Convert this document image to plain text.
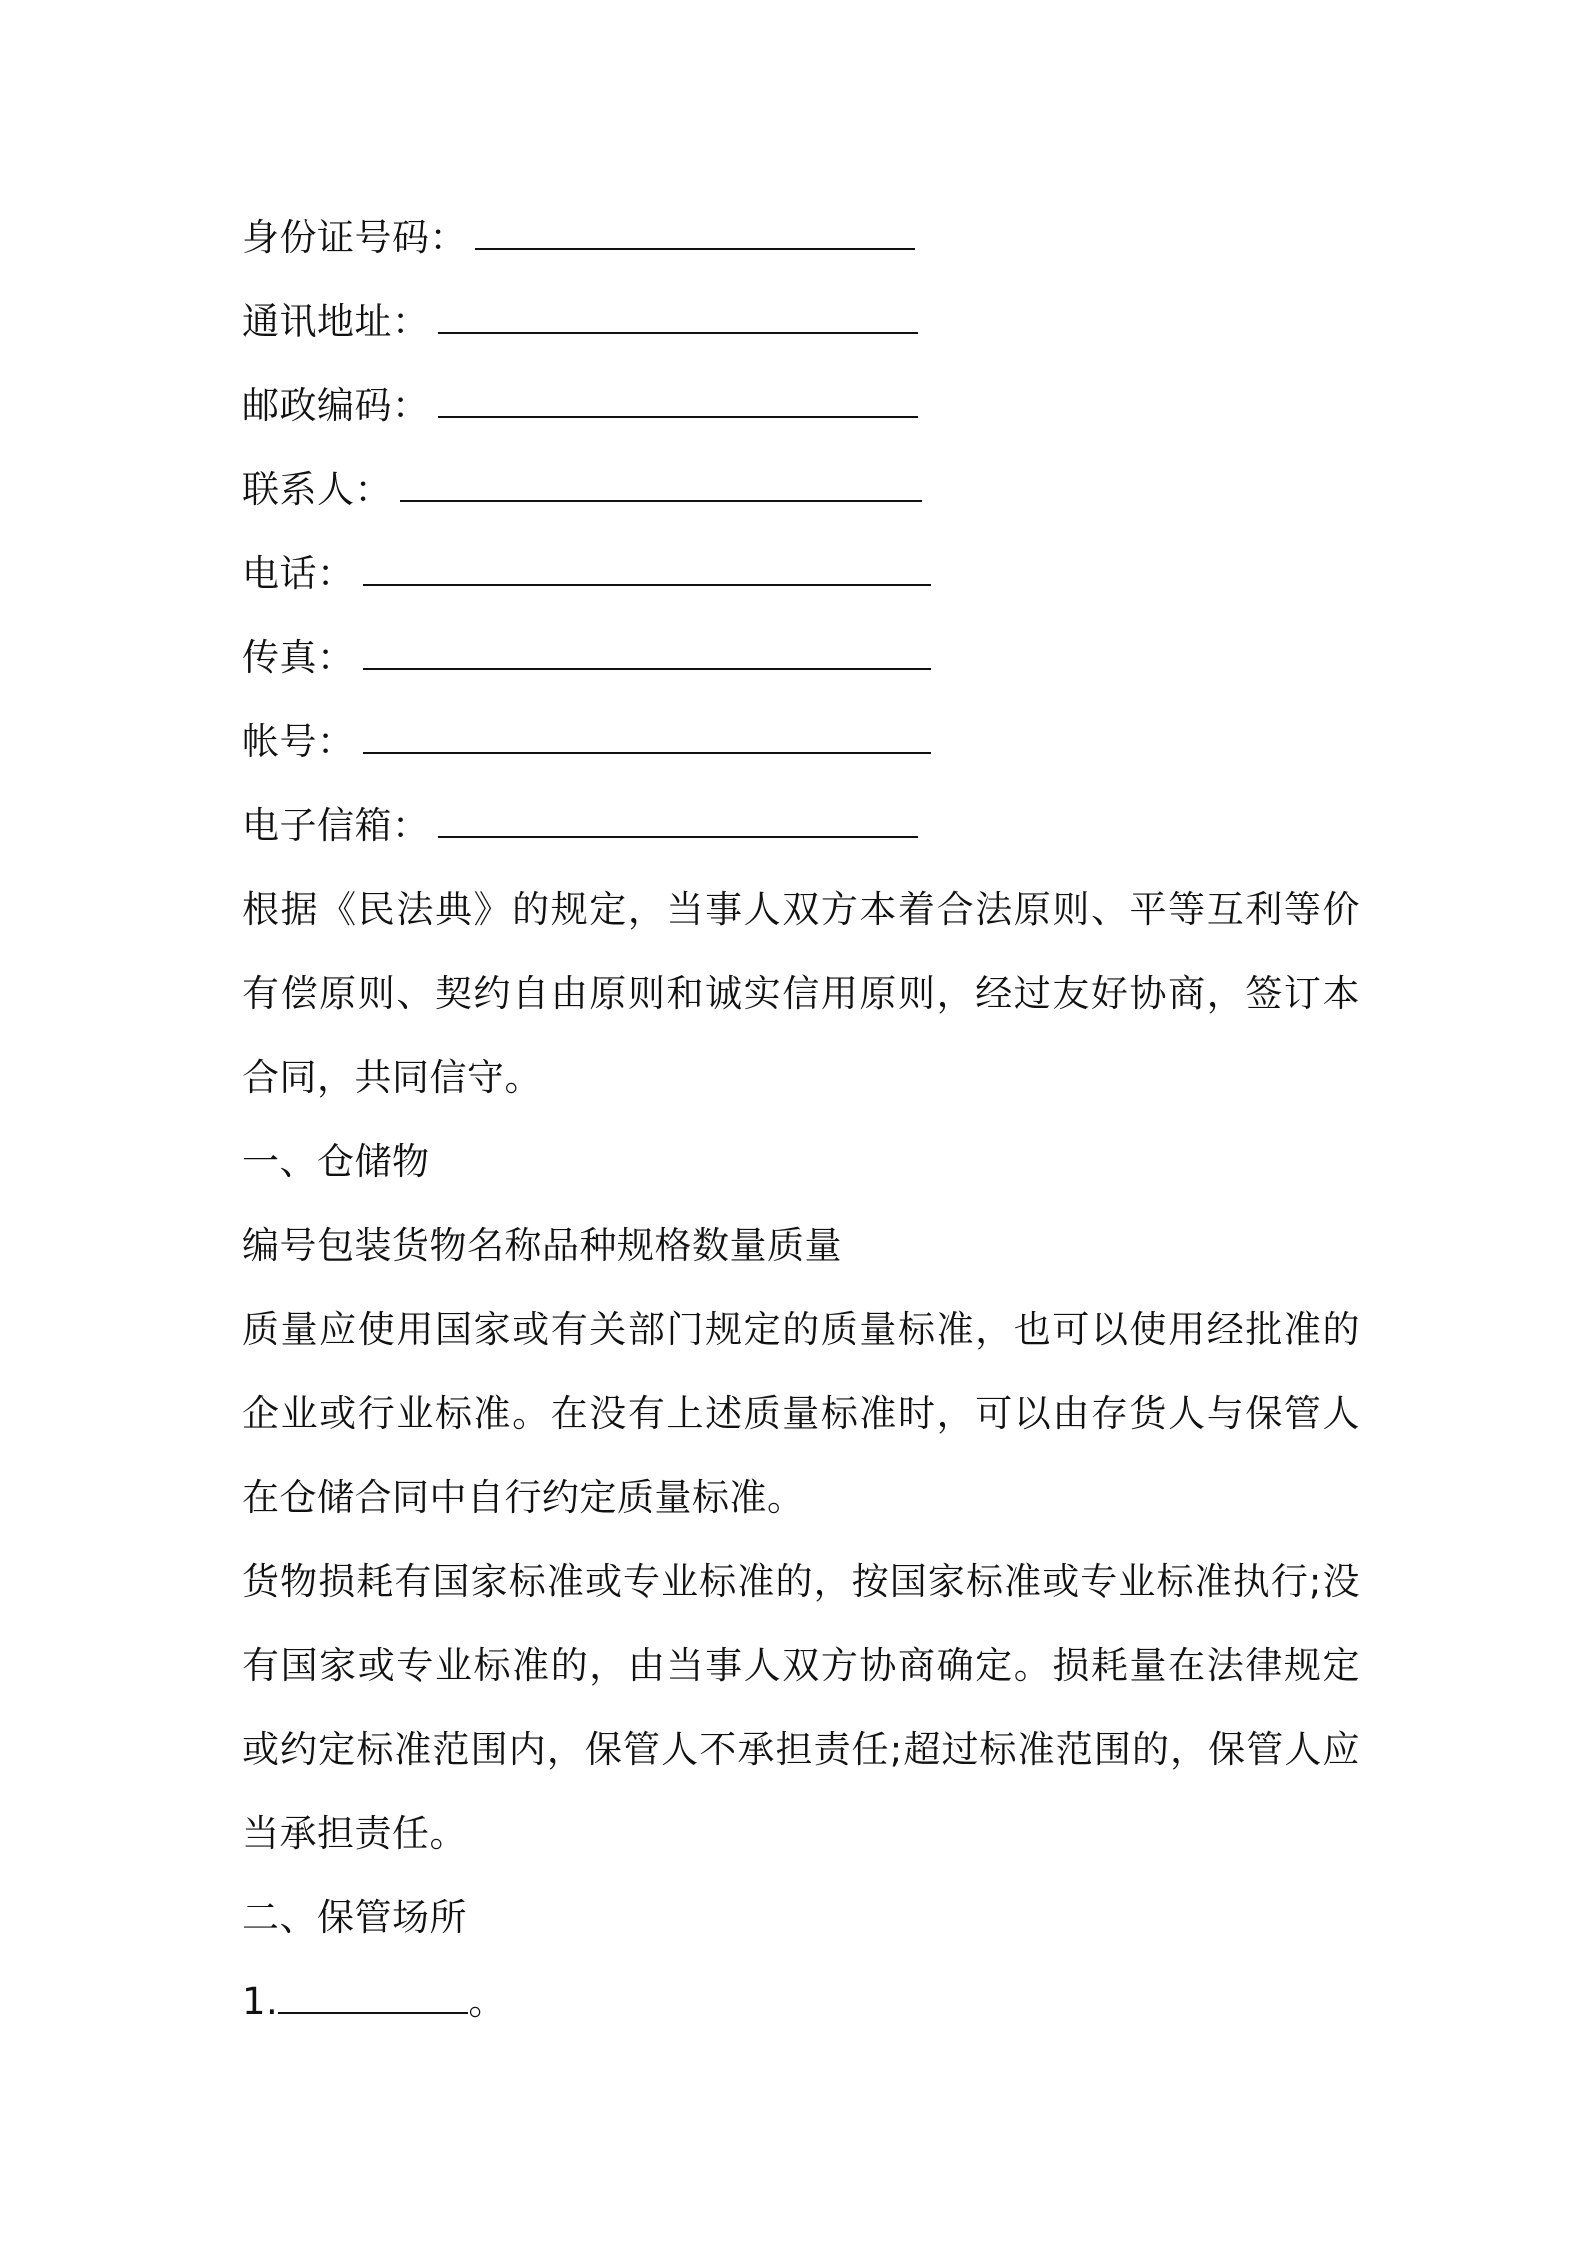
身份证号码：
通讯地址：
邮政编码：
联系人：
电话：
传真：
帐号：
电子信箱：
根据《民法典》的规定，当事人双方本着合法原则、平等互利等价有偿原则、契约自由原则和诚实信用原则，经过友好协商，签订本合同，共同信守。
一、仓储物
编号包装货物名称品种规格数量质量
质量应使用国家或有关部门规定的质量标准，也可以使用经批准的企业或行业标准。在没有上述质量标准时，可以由存货人与保管人在仓储合同中自行约定质量标准。
货物损耗有国家标准或专业标准的，按国家标准或专业标准执行;没有国家或专业标准的，由当事人双方协商确定。损耗量在法律规定或约定标准范围内，保管人不承担责任;超过标准范围的，保管人应当承担责任。
二、保管场所
1.	。
